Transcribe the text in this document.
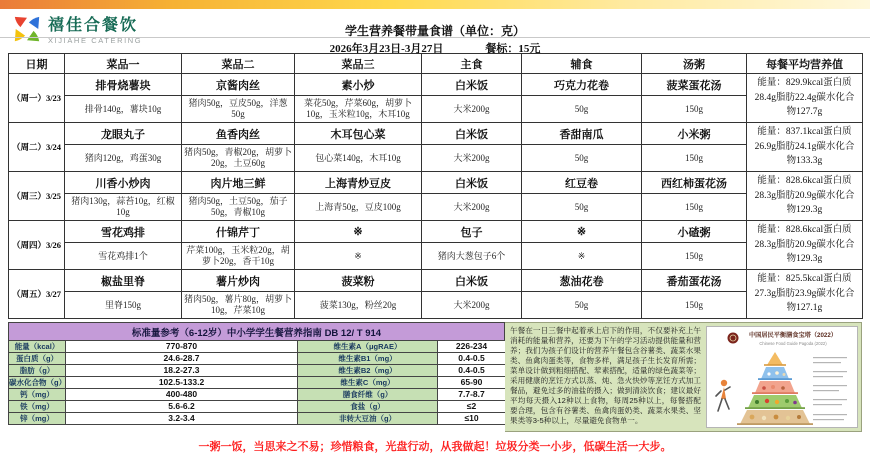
禧佳合餐饮
XIJIAHE CATERING
学生营养餐带量食谱（单位：克）
2026年3月23日-3月27日	餐标：15元
日期	菜品一	菜品二	菜品三	主食	辅食	汤粥	每餐平均营养值
（周一）3/23	排骨烧薯块	京酱肉丝	素小炒	白米饭	巧克力花卷	菠菜蛋花汤	能量：829.9kcal蛋白质28.4g脂肪22.4g碳水化合物127.7g
	排骨140g，薯块10g	猪肉50g，豆皮50g，洋葱50g	菜花50g，芹菜60g，胡萝卜10g，玉米粒10g，木耳10g	大米200g	50g	150g	
（周二）3/24	龙眼丸子	鱼香肉丝	木耳包心菜	白米饭	香甜南瓜	小米粥	能量：837.1kcal蛋白质26.9g脂肪24.1g碳水化合物133.3g
	猪肉120g，鸡蛋30g	猪肉50g，青椒20g，胡萝卜20g，土豆60g	包心菜140g，木耳10g	大米200g	50g	150g	
（周三）3/25	川香小炒肉	肉片地三鲜	上海青炒豆皮	白米饭	红豆卷	西红柿蛋花汤	能量：828.6kcal蛋白质28.3g脂肪20.9g碳水化合物129.3g
	猪肉130g，蒜苔10g，红椒10g	猪肉50g，土豆50g，茄子50g，青椒10g	上海青50g，豆皮100g	大米200g	50g	150g	
（周四）3/26	雪花鸡排	什锦芹丁	※	包子	※	小碴粥	能量：828.6kcal蛋白质28.3g脂肪20.9g碳水化合物129.3g
	雪花鸡排1个	芹菜100g，玉米粒20g，胡萝卜20g，香干10g	※	猪肉大葱包子6个	※	150g	
（周五）3/27	椒盐里脊	薯片炒肉	菠菜粉	白米饭	葱油花卷	番茄蛋花汤	能量：825.5kcal蛋白质27.3g脂肪23.9g碳水化合物127.1g
	里脊150g	猪肉50g，薯片80g，胡萝卜10g，芹菜10g	菠菜130g，粉丝20g	大米200g	50g	150g	
标准量参考（6-12岁）中小学学生餐营养指南 DB 12/ T 914
能量（kcal）	770-870	维生素A（μgRAE）	226-234
蛋白质（g）	24.6-28.7	维生素B1（mg）	0.4-0.5
脂肪（g）	18.2-27.3	维生素B2（mg）	0.4-0.5
碳水化合物（g）	102.5-133.2	维生素C（mg）	65-90
钙（mg）	400-480	膳食纤维（g）	7.7-8.7
铁（mg）	5.6-6.2	食盐（g）	≤2
锌（mg）	3.2-3.4	非转大豆油（g）	≤10
午餐在一日三餐中起着承上启下的作用，不仅要补充上午消耗的能量和营养，还要为下午的学习活动提供能量和营养；我们为孩子们设计的营养午餐包含谷薯类、蔬菜水果类、鱼禽肉蛋类等，食物多样，满足孩子生长发育所需；菜单设计做到粗细搭配、荤素搭配，适量的绿色蔬菜等；采用健康的烹饪方式以蒸、炖、急火快炒等烹饪方式加工餐品，避免过多的油盐的摄入；做到清淡饮食；建议最好平均每天摄入12种以上食物，每周25种以上，每餐搭配要合理，包含有谷薯类、鱼禽肉蛋奶类、蔬菜水果类、坚果类等3-5种以上，尽量避免食物单一。
中国居民平衡膳食宝塔（2022）
Chinese Food Guide Pagoda (2022)
一粥一饭，当思来之不易；珍惜粮食，光盘行动，从我做起！垃圾分类一小步，低碳生活一大步。
